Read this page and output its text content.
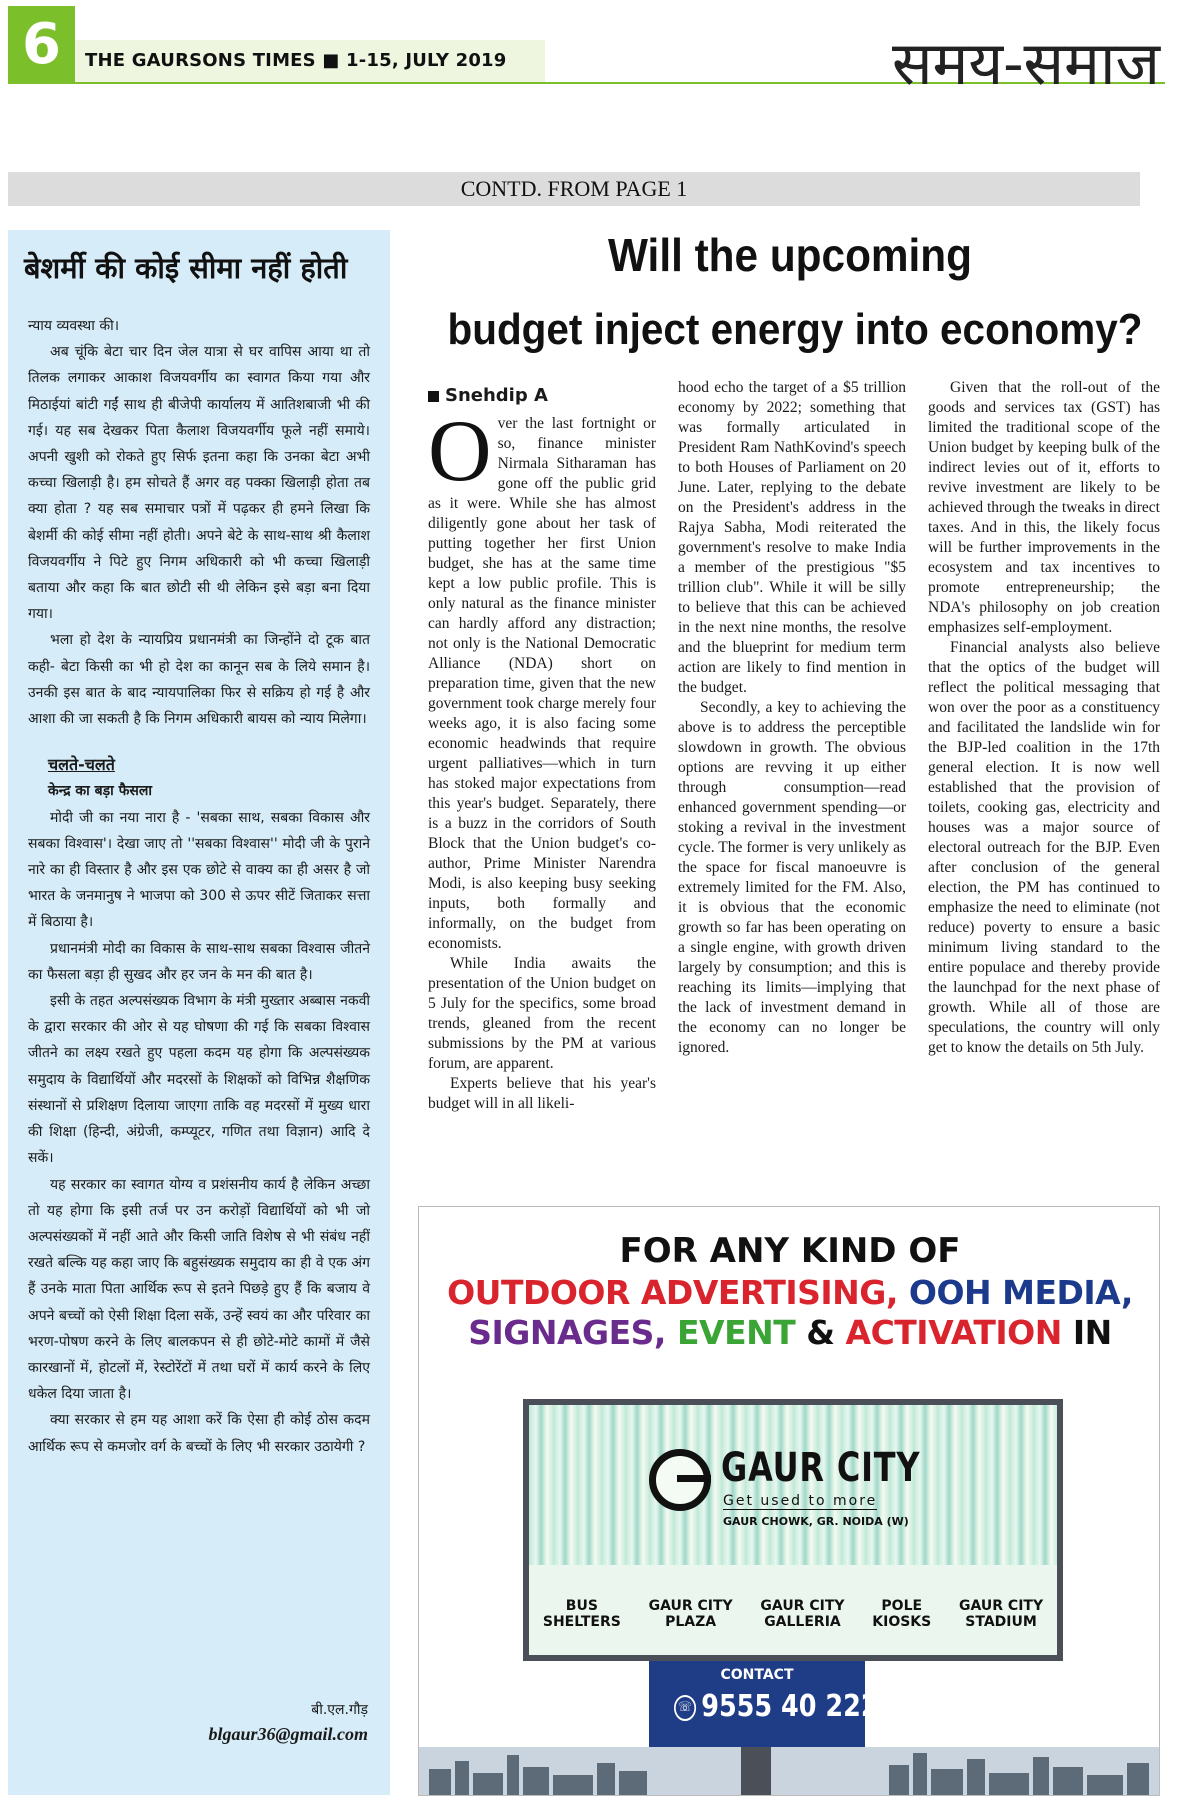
6	THE GAURSONS TIMES ■ 1-15, JULY 2019	समय-समाज
CONTD. FROM PAGE 1
बेशर्मी की कोई सीमा नहीं होती

न्याय व्यवस्था की।

अब चूंकि बेटा चार दिन जेल यात्रा से घर वापिस आया था तो तिलक लगाकर आकाश विजयवर्गीय का स्वागत किया गया और मिठाईयां बांटी गईं साथ ही बीजेपी कार्यालय में आतिशबाजी भी की गई। यह सब देखकर पिता कैलाश विजयवर्गीय फूले नहीं समाये। अपनी खुशी को रोकते हुए सिर्फ इतना कहा कि उनका बेटा अभी कच्चा खिलाड़ी है। हम सोचते हैं अगर वह पक्का खिलाड़ी होता तब क्या होता ? यह सब समाचार पत्रों में पढ़कर ही हमने लिखा कि बेशर्मी की कोई सीमा नहीं होती। अपने बेटे के साथ-साथ श्री कैलाश विजयवर्गीय ने पिटे हुए निगम अधिकारी को भी कच्चा खिलाड़ी बताया और कहा कि बात छोटी सी थी लेकिन इसे बड़ा बना दिया गया।

भला हो देश के न्यायप्रिय प्रधानमंत्री का जिन्होंने दो टूक बात कही- बेटा किसी का भी हो देश का कानून सब के लिये समान है। उनकी इस बात के बाद न्यायपालिका फिर से सक्रिय हो गई है और आशा की जा सकती है कि निगम अधिकारी बायस को न्याय मिलेगा।

चलते-चलते

केन्द्र का बड़ा फैसला

मोदी जी का नया नारा है - 'सबका साथ, सबका विकास और सबका विश्वास'। देखा जाए तो ''सबका विश्वास'' मोदी जी के पुराने नारे का ही विस्तार है और इस एक छोटे से वाक्य का ही असर है जो भारत के जनमानुष ने भाजपा को 300 से ऊपर सीटें जिताकर सत्ता में बिठाया है।

प्रधानमंत्री मोदी का विकास के साथ-साथ सबका विश्वास जीतने का फैसला बड़ा ही सुखद और हर जन के मन की बात है।

इसी के तहत अल्पसंख्यक विभाग के मंत्री मुख्तार अब्बास नकवी के द्वारा सरकार की ओर से यह घोषणा की गई कि सबका विश्वास जीतने का लक्ष्य रखते हुए पहला कदम यह होगा कि अल्पसंख्यक समुदाय के विद्यार्थियों और मदरसों के शिक्षकों को विभिन्न शैक्षणिक संस्थानों से प्रशिक्षण दिलाया जाएगा ताकि वह मदरसों में मुख्य धारा की शिक्षा (हिन्दी, अंग्रेजी, कम्प्यूटर, गणित तथा विज्ञान) आदि दे सकें।

यह सरकार का स्वागत योग्य व प्रशंसनीय कार्य है लेकिन अच्छा तो यह होगा कि इसी तर्ज पर उन करोड़ों विद्यार्थियों को भी जो अल्पसंख्यकों में नहीं आते और किसी जाति विशेष से भी संबंध नहीं रखते बल्कि यह कहा जाए कि बहुसंख्यक समुदाय का ही वे एक अंग हैं उनके माता पिता आर्थिक रूप से इतने पिछड़े हुए हैं कि बजाय वे अपने बच्चों को ऐसी शिक्षा दिला सकें, उन्हें स्वयं का और परिवार का भरण-पोषण करने के लिए बालकपन से ही छोटे-मोटे कामों में जैसे कारखानों में, होटलों में, रेस्टोरेंटों में तथा घरों में कार्य करने के लिए धकेल दिया जाता है।

क्या सरकार से हम यह आशा करें कि ऐसा ही कोई ठोस कदम आर्थिक रूप से कमजोर वर्ग के बच्चों के लिए भी सरकार उठायेगी ?

बी.एल.गौड़
blgaur36@gmail.com
Will the upcoming
budget inject energy into economy?
Snehdip A

Over the last fortnight or so, finance minister Nirmala Sitharaman has gone off the public grid as it were. While she has almost diligently gone about her task of putting together her first Union budget, she has at the same time kept a low public profile. This is only natural as the finance minister can hardly afford any distraction; not only is the National Democratic Alliance (NDA) short on preparation time, given that the new government took charge merely four weeks ago, it is also facing some economic headwinds that require urgent palliatives—which in turn has stoked major expectations from this year's budget. Separately, there is a buzz in the corridors of South Block that the Union budget's co-author, Prime Minister Narendra Modi, is also keeping busy seeking inputs, both formally and informally, on the budget from economists.

While India awaits the presentation of the Union budget on 5 July for the specifics, some broad trends, gleaned from the recent submissions by the PM at various forum, are apparent.

Experts believe that his year's budget will in all likeli-

hood echo the target of a $5 trillion economy by 2022; something that was formally articulated in President Ram NathKovind's speech to both Houses of Parliament on 20 June. Later, replying to the debate on the President's address in the Rajya Sabha, Modi reiterated the government's resolve to make India a member of the prestigious "$5 trillion club". While it will be silly to believe that this can be achieved in the next nine months, the resolve and the blueprint for medium term action are likely to find mention in the budget.

Secondly, a key to achieving the above is to address the perceptible slowdown in growth. The obvious options are revving it up either through consumption—read enhanced government spending—or stoking a revival in the investment cycle. The former is very unlikely as the space for fiscal manoeuvre is extremely limited for the FM. Also, it is obvious that the economic growth so far has been operating on a single engine, with growth driven largely by consumption; and this is reaching its limits—implying that the lack of investment demand in the economy can no longer be ignored.

Given that the roll-out of the goods and services tax (GST) has limited the traditional scope of the Union budget by keeping bulk of the indirect levies out of it, efforts to revive investment are likely to be achieved through the tweaks in direct taxes. And in this, the likely focus will be further improvements in the ecosystem and tax incentives to promote entrepreneurship; the NDA's philosophy on job creation emphasizes self-employment.

Financial analysts also believe that the optics of the budget will reflect the political messaging that won over the poor as a constituency and facilitated the landslide win for the BJP-led coalition in the 17th general election. It is now well established that the provision of toilets, cooking gas, electricity and houses was a major source of electoral outreach for the BJP. Even after conclusion of the general election, the PM has continued to emphasize the need to eliminate (not reduce) poverty to ensure a basic minimum living standard to the entire populace and thereby provide the launchpad for the next phase of growth. While all of those are speculations, the country will only get to know the details on 5th July.

FOR ANY KIND OF
OUTDOOR ADVERTISING, OOH MEDIA,
SIGNAGES, EVENT & ACTIVATION IN
GAUR CITY
Get used to more
GAUR CHOWK, GR. NOIDA (W)
BUS
SHELTERS
GAUR CITY
PLAZA
GAUR CITY
GALLERIA
POLE
KIOSKS
GAUR CITY
STADIUM
CONTACT
☏ 9555 40 2222
